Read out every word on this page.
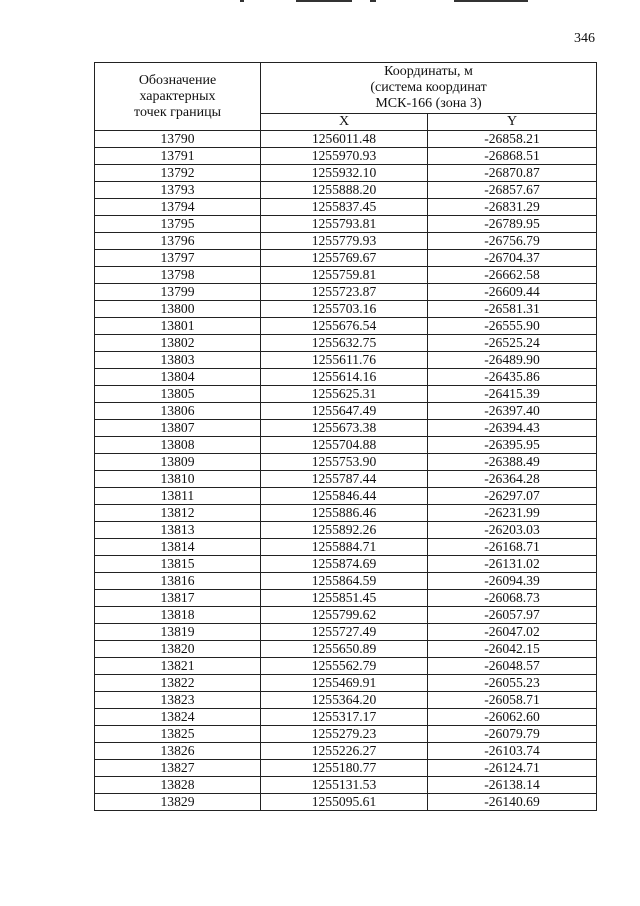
346
Обозначение
характерных
точек границы	Координаты, м
(система координат
МСК-166 (зона 3)	

	X	Y
13790	1256011.48	-26858.21
13791	1255970.93	-26868.51
13792	1255932.10	-26870.87
13793	1255888.20	-26857.67
13794	1255837.45	-26831.29
13795	1255793.81	-26789.95
13796	1255779.93	-26756.79
13797	1255769.67	-26704.37
13798	1255759.81	-26662.58
13799	1255723.87	-26609.44
13800	1255703.16	-26581.31
13801	1255676.54	-26555.90
13802	1255632.75	-26525.24
13803	1255611.76	-26489.90
13804	1255614.16	-26435.86
13805	1255625.31	-26415.39
13806	1255647.49	-26397.40
13807	1255673.38	-26394.43
13808	1255704.88	-26395.95
13809	1255753.90	-26388.49
13810	1255787.44	-26364.28
13811	1255846.44	-26297.07
13812	1255886.46	-26231.99
13813	1255892.26	-26203.03
13814	1255884.71	-26168.71
13815	1255874.69	-26131.02
13816	1255864.59	-26094.39
13817	1255851.45	-26068.73
13818	1255799.62	-26057.97
13819	1255727.49	-26047.02
13820	1255650.89	-26042.15
13821	1255562.79	-26048.57
13822	1255469.91	-26055.23
13823	1255364.20	-26058.71
13824	1255317.17	-26062.60
13825	1255279.23	-26079.79
13826	1255226.27	-26103.74
13827	1255180.77	-26124.71
13828	1255131.53	-26138.14
13829	1255095.61	-26140.69
